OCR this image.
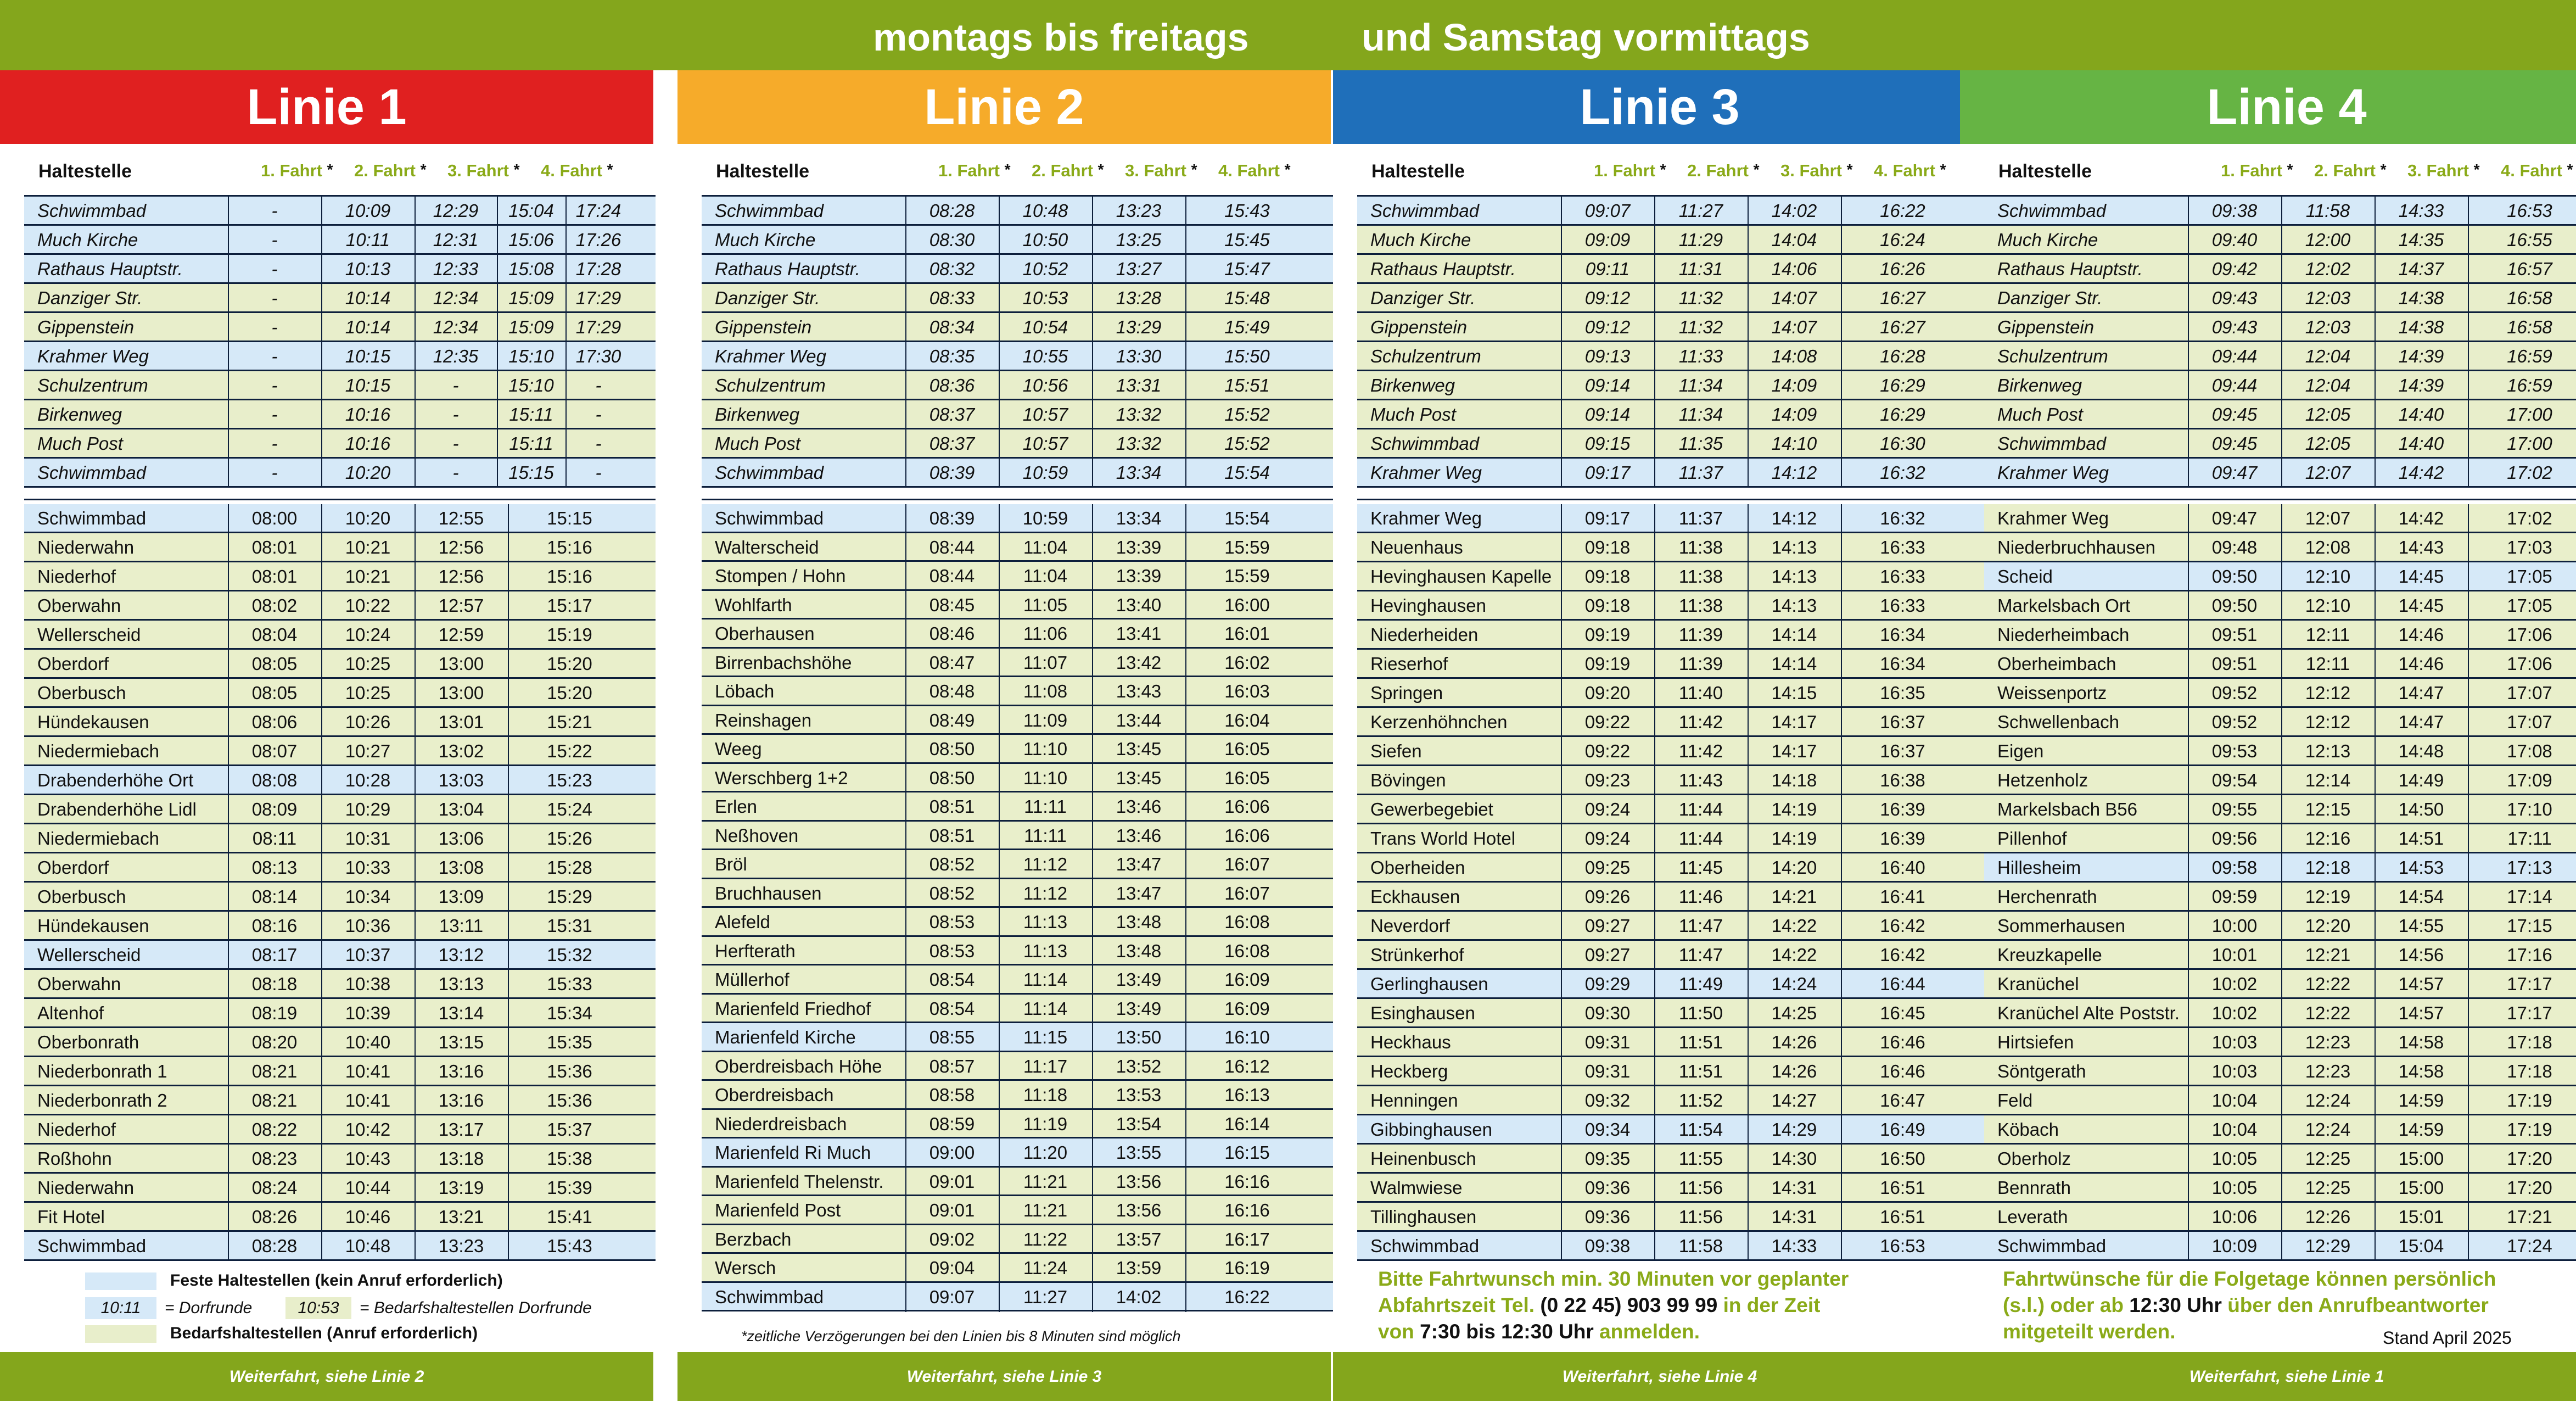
montags bis freitags	und Samstag vormittags
Linie 1
Haltestelle	1. Fahrt * 2. Fahrt * 3. Fahrt * 4. Fahrt *
Schwimmbad	-	10:09	12:29	15:04	17:24
Much Kirche	-	10:11	12:31	15:06	17:26
Rathaus Hauptstr.	-	10:13	12:33	15:08	17:28
Danziger Str.	-	10:14	12:34	15:09	17:29
Gippenstein	-	10:14	12:34	15:09	17:29
Krahmer Weg	-	10:15	12:35	15:10	17:30
Schulzentrum	-	10:15	-	15:10	-
Birkenweg	-	10:16	-	15:11	-
Much Post	-	10:16	-	15:11	-
Schwimmbad	-	10:20	-	15:15	-
Schwimmbad	08:00	10:20	12:55	15:15
Niederwahn	08:01	10:21	12:56	15:16
Niederhof	08:01	10:21	12:56	15:16
Oberwahn	08:02	10:22	12:57	15:17
Wellerscheid	08:04	10:24	12:59	15:19
Oberdorf	08:05	10:25	13:00	15:20
Oberbusch	08:05	10:25	13:00	15:20
Hündekausen	08:06	10:26	13:01	15:21
Niedermiebach	08:07	10:27	13:02	15:22
Drabenderhöhe Ort	08:08	10:28	13:03	15:23
Drabenderhöhe Lidl	08:09	10:29	13:04	15:24
Niedermiebach	08:11	10:31	13:06	15:26
Oberdorf	08:13	10:33	13:08	15:28
Oberbusch	08:14	10:34	13:09	15:29
Hündekausen	08:16	10:36	13:11	15:31
Wellerscheid	08:17	10:37	13:12	15:32
Oberwahn	08:18	10:38	13:13	15:33
Altenhof	08:19	10:39	13:14	15:34
Oberbonrath	08:20	10:40	13:15	15:35
Niederbonrath 1	08:21	10:41	13:16	15:36
Niederbonrath 2	08:21	10:41	13:16	15:36
Niederhof	08:22	10:42	13:17	15:37
Roßhohn	08:23	10:43	13:18	15:38
Niederwahn	08:24	10:44	13:19	15:39
Fit Hotel	08:26	10:46	13:21	15:41
Schwimmbad	08:28	10:48	13:23	15:43
Weiterfahrt, siehe Linie 2
Linie 2
Haltestelle	1. Fahrt * 2. Fahrt * 3. Fahrt * 4. Fahrt *
Schwimmbad	08:28	10:48	13:23	15:43
Much Kirche	08:30	10:50	13:25	15:45
Rathaus Hauptstr.	08:32	10:52	13:27	15:47
Danziger Str.	08:33	10:53	13:28	15:48
Gippenstein	08:34	10:54	13:29	15:49
Krahmer Weg	08:35	10:55	13:30	15:50
Schulzentrum	08:36	10:56	13:31	15:51
Birkenweg	08:37	10:57	13:32	15:52
Much Post	08:37	10:57	13:32	15:52
Schwimmbad	08:39	10:59	13:34	15:54
Schwimmbad	08:39	10:59	13:34	15:54
Walterscheid	08:44	11:04	13:39	15:59
Stompen / Hohn	08:44	11:04	13:39	15:59
Wohlfarth	08:45	11:05	13:40	16:00
Oberhausen	08:46	11:06	13:41	16:01
Birrenbachshöhe	08:47	11:07	13:42	16:02
Löbach	08:48	11:08	13:43	16:03
Reinshagen	08:49	11:09	13:44	16:04
Weeg	08:50	11:10	13:45	16:05
Werschberg 1+2	08:50	11:10	13:45	16:05
Erlen	08:51	11:11	13:46	16:06
Neßhoven	08:51	11:11	13:46	16:06
Bröl	08:52	11:12	13:47	16:07
Bruchhausen	08:52	11:12	13:47	16:07
Alefeld	08:53	11:13	13:48	16:08
Herfterath	08:53	11:13	13:48	16:08
Müllerhof	08:54	11:14	13:49	16:09
Marienfeld Friedhof	08:54	11:14	13:49	16:09
Marienfeld Kirche	08:55	11:15	13:50	16:10
Oberdreisbach Höhe	08:57	11:17	13:52	16:12
Oberdreisbach	08:58	11:18	13:53	16:13
Niederdreisbach	08:59	11:19	13:54	16:14
Marienfeld Ri Much	09:00	11:20	13:55	16:15
Marienfeld Thelenstr.	09:01	11:21	13:56	16:16
Marienfeld Post	09:01	11:21	13:56	16:16
Berzbach	09:02	11:22	13:57	16:17
Wersch	09:04	11:24	13:59	16:19
Schwimmbad	09:07	11:27	14:02	16:22
Weiterfahrt, siehe Linie 3
Linie 3
Haltestelle	1. Fahrt * 2. Fahrt * 3. Fahrt * 4. Fahrt *
Schwimmbad	09:07	11:27	14:02	16:22
Much Kirche	09:09	11:29	14:04	16:24
Rathaus Hauptstr.	09:11	11:31	14:06	16:26
Danziger Str.	09:12	11:32	14:07	16:27
Gippenstein	09:12	11:32	14:07	16:27
Schulzentrum	09:13	11:33	14:08	16:28
Birkenweg	09:14	11:34	14:09	16:29
Much Post	09:14	11:34	14:09	16:29
Schwimmbad	09:15	11:35	14:10	16:30
Krahmer Weg	09:17	11:37	14:12	16:32
Krahmer Weg	09:17	11:37	14:12	16:32
Neuenhaus	09:18	11:38	14:13	16:33
Hevinghausen Kapelle	09:18	11:38	14:13	16:33
Hevinghausen	09:18	11:38	14:13	16:33
Niederheiden	09:19	11:39	14:14	16:34
Rieserhof	09:19	11:39	14:14	16:34
Springen	09:20	11:40	14:15	16:35
Kerzenhöhnchen	09:22	11:42	14:17	16:37
Siefen	09:22	11:42	14:17	16:37
Bövingen	09:23	11:43	14:18	16:38
Gewerbegebiet	09:24	11:44	14:19	16:39
Trans World Hotel	09:24	11:44	14:19	16:39
Oberheiden	09:25	11:45	14:20	16:40
Eckhausen	09:26	11:46	14:21	16:41
Neverdorf	09:27	11:47	14:22	16:42
Strünkerhof	09:27	11:47	14:22	16:42
Gerlinghausen	09:29	11:49	14:24	16:44
Esinghausen	09:30	11:50	14:25	16:45
Heckhaus	09:31	11:51	14:26	16:46
Heckberg	09:31	11:51	14:26	16:46
Henningen	09:32	11:52	14:27	16:47
Gibbinghausen	09:34	11:54	14:29	16:49
Heinenbusch	09:35	11:55	14:30	16:50
Walmwiese	09:36	11:56	14:31	16:51
Tillinghausen	09:36	11:56	14:31	16:51
Schwimmbad	09:38	11:58	14:33	16:53
Weiterfahrt, siehe Linie 4
Linie 4
Haltestelle	1. Fahrt * 2. Fahrt * 3. Fahrt * 4. Fahrt *
Schwimmbad	09:38	11:58	14:33	16:53
Much Kirche	09:40	12:00	14:35	16:55
Rathaus Hauptstr.	09:42	12:02	14:37	16:57
Danziger Str.	09:43	12:03	14:38	16:58
Gippenstein	09:43	12:03	14:38	16:58
Schulzentrum	09:44	12:04	14:39	16:59
Birkenweg	09:44	12:04	14:39	16:59
Much Post	09:45	12:05	14:40	17:00
Schwimmbad	09:45	12:05	14:40	17:00
Krahmer Weg	09:47	12:07	14:42	17:02
Krahmer Weg	09:47	12:07	14:42	17:02
Niederbruchhausen	09:48	12:08	14:43	17:03
Scheid	09:50	12:10	14:45	17:05
Markelsbach Ort	09:50	12:10	14:45	17:05
Niederheimbach	09:51	12:11	14:46	17:06
Oberheimbach	09:51	12:11	14:46	17:06
Weissenportz	09:52	12:12	14:47	17:07
Schwellenbach	09:52	12:12	14:47	17:07
Eigen	09:53	12:13	14:48	17:08
Hetzenholz	09:54	12:14	14:49	17:09
Markelsbach B56	09:55	12:15	14:50	17:10
Pillenhof	09:56	12:16	14:51	17:11
Hillesheim	09:58	12:18	14:53	17:13
Herchenrath	09:59	12:19	14:54	17:14
Sommerhausen	10:00	12:20	14:55	17:15
Kreuzkapelle	10:01	12:21	14:56	17:16
Kranüchel	10:02	12:22	14:57	17:17
Kranüchel Alte Poststr.	10:02	12:22	14:57	17:17
Hirtsiefen	10:03	12:23	14:58	17:18
Söntgerath	10:03	12:23	14:58	17:18
Feld	10:04	12:24	14:59	17:19
Köbach	10:04	12:24	14:59	17:19
Oberholz	10:05	12:25	15:00	17:20
Bennrath	10:05	12:25	15:00	17:20
Leverath	10:06	12:26	15:01	17:21
Schwimmbad	10:09	12:29	15:04	17:24
Weiterfahrt, siehe Linie 1
Feste Haltestellen (kein Anruf erforderlich)
10:11	= Dorfrunde	10:53	= Bedarfshaltestellen Dorfrunde
Bedarfshaltestellen (Anruf erforderlich)	*zeitliche Verzögerungen bei den Linien bis 8 Minuten sind möglich
Bitte Fahrtwunsch min. 30 Minuten vor geplanter
Abfahrtszeit Tel. (0 22 45) 903 99 99 in der Zeit
von 7:30 bis 12:30 Uhr anmelden.
Fahrtwünsche für die Folgetage können persönlich
(s.l.) oder ab 12:30 Uhr über den Anrufbeantworter
mitgeteilt werden.	Stand April 2025
